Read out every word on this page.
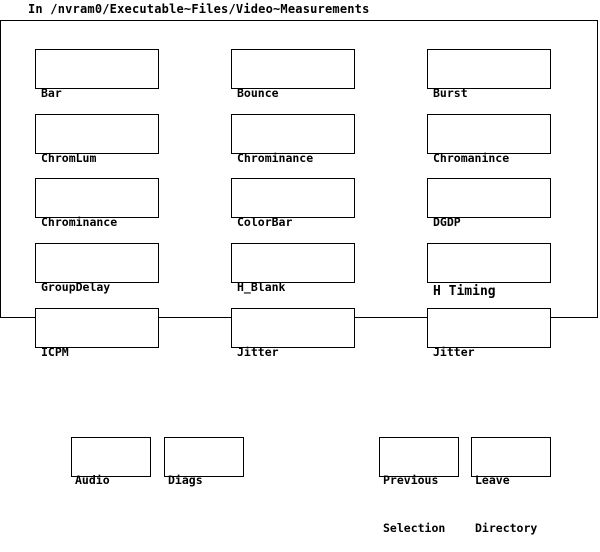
In /nvram0/Executable~Files/Video~Measurements

Bar

	Bounce

	Burst

ChromLum

	Chrominance

	Chromanince

Chrominance

	ColorBar

	DGDP

GroupDelay

	H_Blank

	H Timing

ICPM

	Jitter

	Jitter

Audio

	Diags

	Previous

Selection

Leave

Directory
